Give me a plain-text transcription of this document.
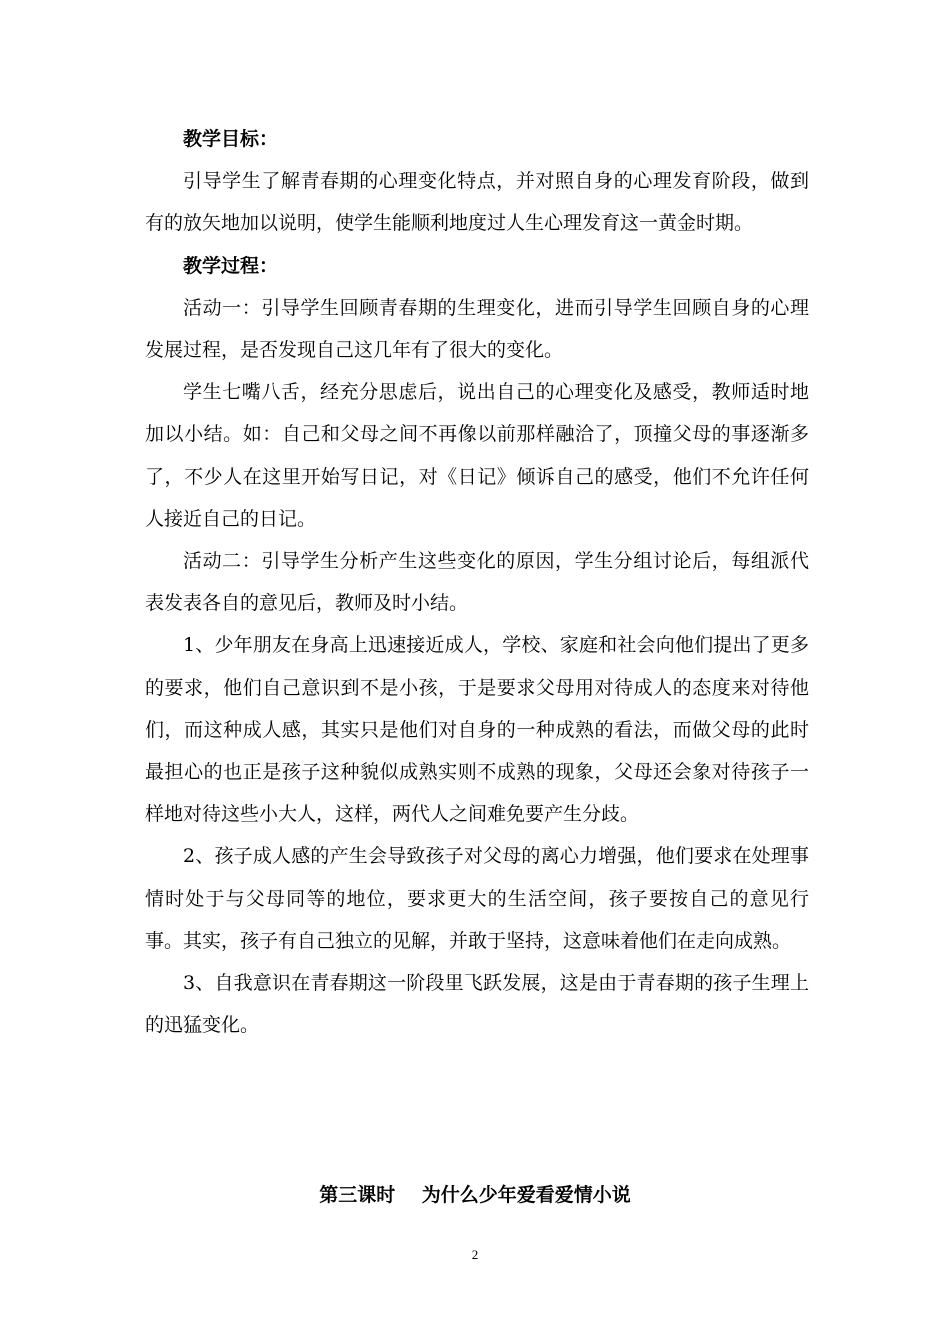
教学目标：

引导学生了解青春期的心理变化特点，并对照自身的心理发育阶段，做到有的放矢地加以说明，使学生能顺利地度过人生心理发育这一黄金时期。

教学过程：

活动一：引导学生回顾青春期的生理变化，进而引导学生回顾自身的心理发展过程，是否发现自己这几年有了很大的变化。

学生七嘴八舌，经充分思虑后，说出自己的心理变化及感受，教师适时地加以小结。如：自己和父母之间不再像以前那样融洽了，顶撞父母的事逐渐多了，不少人在这里开始写日记，对《日记》倾诉自己的感受，他们不允许任何人接近自己的日记。

活动二：引导学生分析产生这些变化的原因，学生分组讨论后，每组派代表发表各自的意见后，教师及时小结。

1、少年朋友在身高上迅速接近成人，学校、家庭和社会向他们提出了更多的要求，他们自己意识到不是小孩，于是要求父母用对待成人的态度来对待他们，而这种成人感，其实只是他们对自身的一种成熟的看法，而做父母的此时最担心的也正是孩子这种貌似成熟实则不成熟的现象，父母还会象对待孩子一样地对待这些小大人，这样，两代人之间难免要产生分歧。

2、孩子成人感的产生会导致孩子对父母的离心力增强，他们要求在处理事情时处于与父母同等的地位，要求更大的生活空间，孩子要按自己的意见行事。其实，孩子有自己独立的见解，并敢于坚持，这意味着他们在走向成熟。

3、自我意识在青春期这一阶段里飞跃发展，这是由于青春期的孩子生理上的迅猛变化。

第三课时    为什么少年爱看爱情小说
2
